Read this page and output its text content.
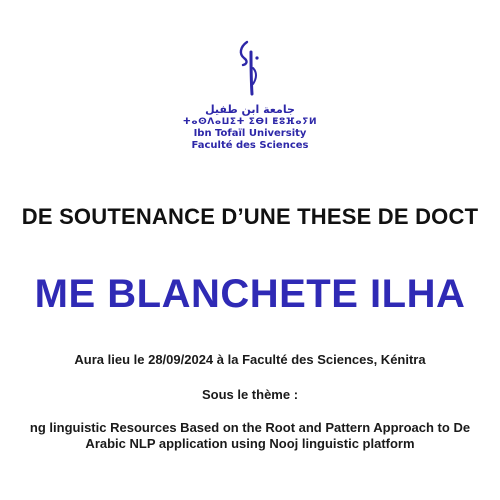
جامعة ابن طفيل
ⵜⴰⵙⴷⴰⵡⵉⵜ ⵉⴱⵏ ⵟⵓⴼⴰⵢⵍ
Ibn Tofaïl University
Faculté des Sciences
DE SOUTENANCE D’UNE THESE DE DOCT
ME BLANCHETE ILHA
Aura lieu le 28/09/2024 à la Faculté des Sciences, Kénitra
Sous le thème :
ng linguistic Resources Based on the Root and Pattern Approach to De
Arabic NLP application using Nooj linguistic platform
